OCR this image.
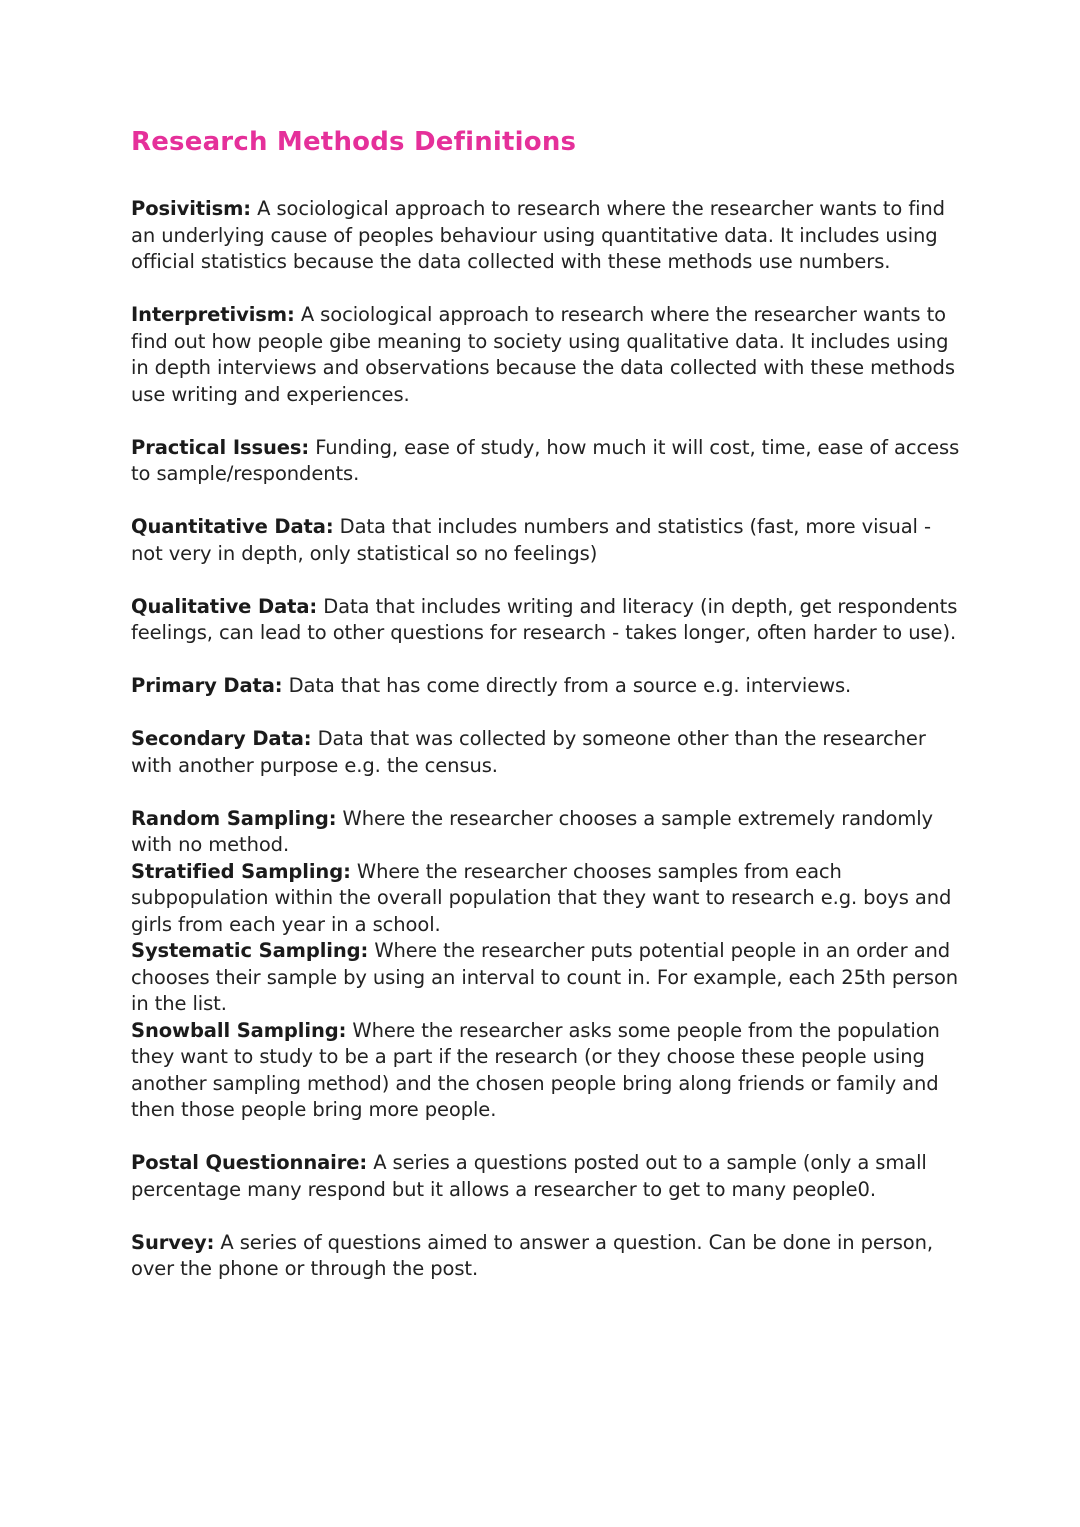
Research Methods Definitions

Posivitism: A sociological approach to research where the researcher wants to find an underlying cause of peoples behaviour using quantitative data. It includes using official statistics because the data collected with these methods use numbers.

Interpretivism: A sociological approach to research where the researcher wants to find out how people gibe meaning to society using qualitative data. It includes using in depth interviews and observations because the data collected with these methods use writing and experiences.

Practical Issues: Funding, ease of study, how much it will cost, time, ease of access to sample/respondents.

Quantitative Data: Data that includes numbers and statistics (fast, more visual - not very in depth, only statistical so no feelings)

Qualitative Data: Data that includes writing and literacy (in depth, get respondents feelings, can lead to other questions for research - takes longer, often harder to use).

Primary Data: Data that has come directly from a source e.g. interviews.

Secondary Data: Data that was collected by someone other than the researcher with another purpose e.g. the census.

Random Sampling: Where the researcher chooses a sample extremely randomly with no method.

Stratified Sampling: Where the researcher chooses samples from each subpopulation within the overall population that they want to research e.g. boys and girls from each year in a school.

Systematic Sampling: Where the researcher puts potential people in an order and chooses their sample by using an interval to count in. For example, each 25th person in the list.

Snowball Sampling: Where the researcher asks some people from the population they want to study to be a part if the research (or they choose these people using another sampling method) and the chosen people bring along friends or family and then those people bring more people.

Postal Questionnaire: A series a questions posted out to a sample (only a small percentage many respond but it allows a researcher to get to many people0.

Survey: A series of questions aimed to answer a question. Can be done in person, over the phone or through the post.
